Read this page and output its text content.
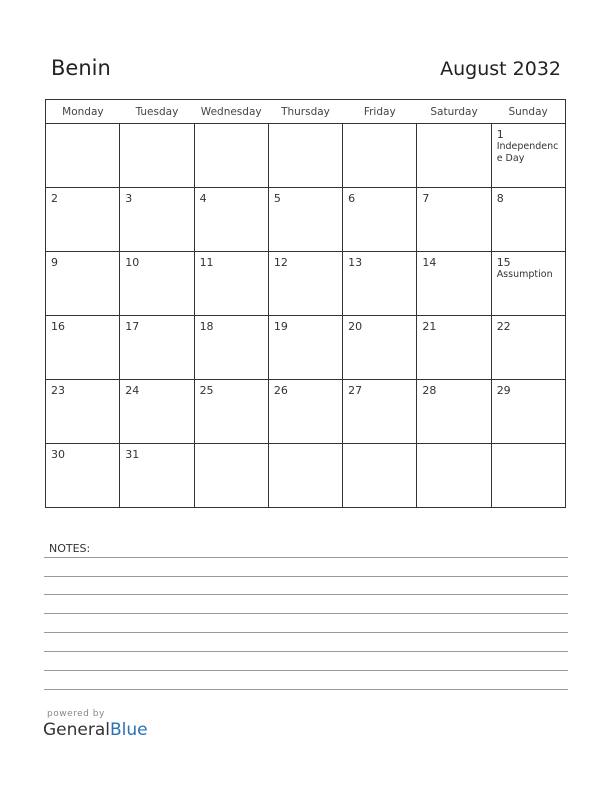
Benin	August 2032
Monday	Tuesday	Wednesday	Thursday	Friday	Saturday	Sunday

						1
Independence Day

2	3	4	5	6	7	8

9	10	11	12	13	14	15
Assumption

16	17	18	19	20	21	22

23	24	25	26	27	28	29

30	31					

NOTES:
powered by
GeneralBlue
